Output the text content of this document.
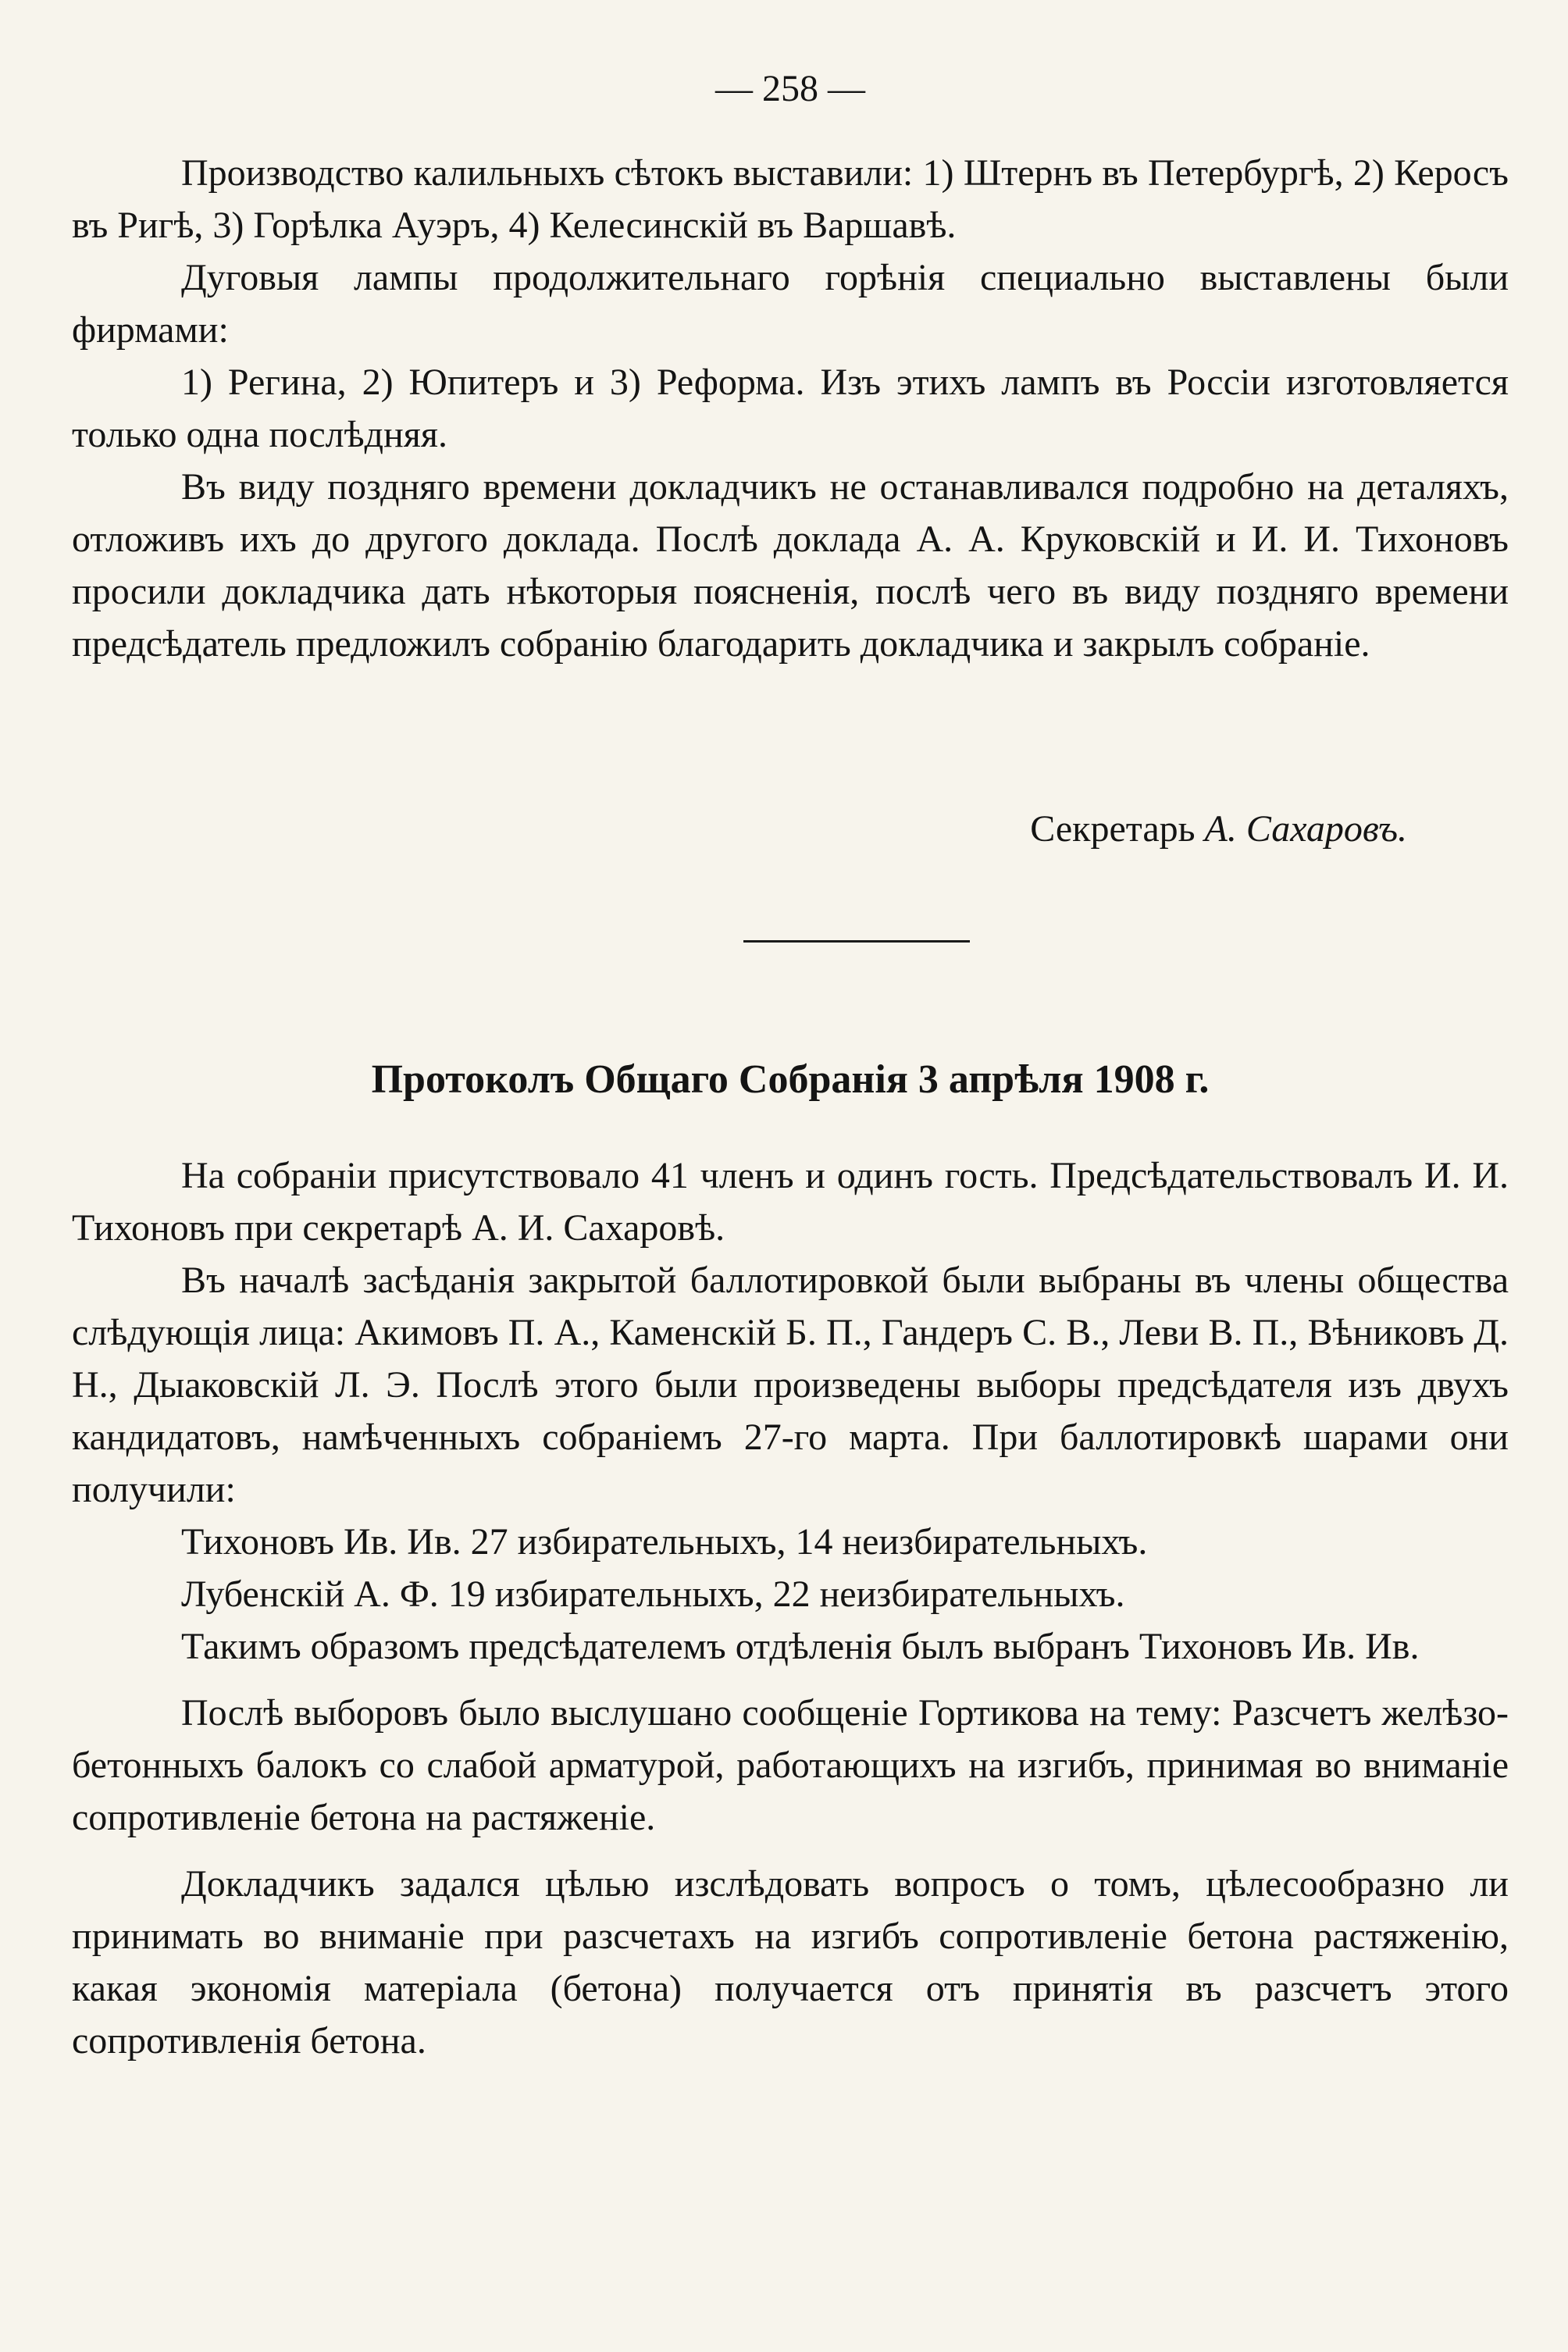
— 258 —

Производство калильныхъ сѣтокъ выставили: 1) Штернъ въ Петербургѣ, 2) Керосъ въ Ригѣ, 3) Горѣлка Ауэръ, 4) Келесинскій въ Варшавѣ.

Дуговыя лампы продолжительнаго горѣнія специально выставлены были фирмами:

1) Регина, 2) Юпитеръ и 3) Реформа. Изъ этихъ лампъ въ Россіи изготовляется только одна послѣдняя.

Въ виду поздняго времени докладчикъ не останавливался подробно на деталяхъ, отложивъ ихъ до другого доклада. Послѣ доклада А. А. Круковскій и И. И. Тихоновъ просили докладчика дать нѣкоторыя поясненія, послѣ чего въ виду поздняго времени предсѣдатель предложилъ собранію благодарить докладчика и закрылъ собраніе.

Секретарь А. Сахаровъ.
Протоколъ Общаго Собранія 3 апрѣля 1908 г.

На собраніи присутствовало 41 членъ и одинъ гость. Предсѣдательствовалъ И. И. Тихоновъ при секретарѣ А. И. Сахаровѣ.

Въ началѣ засѣданія закрытой баллотировкой были выбраны въ члены общества слѣдующія лица: Акимовъ П. А., Каменскій Б. П., Гандеръ С. В., Леви В. П., Вѣниковъ Д. Н., Дыаковскій Л. Э. Послѣ этого были произведены выборы предсѣдателя изъ двухъ кандидатовъ, намѣченныхъ собраніемъ 27-го марта. При баллотировкѣ шарами они получили:

Тихоновъ Ив. Ив. 27 избирательныхъ, 14 неизбирательныхъ.

Лубенскій А. Ф. 19 избирательныхъ, 22 неизбирательныхъ.

Такимъ образомъ предсѣдателемъ отдѣленія былъ выбранъ Тихоновъ Ив. Ив.

Послѣ выборовъ было выслушано сообщеніе Гортикова на тему: Разсчетъ желѣзо-бетонныхъ балокъ со слабой арматурой, работающихъ на изгибъ, принимая во вниманіе сопротивленіе бетона на растяженіе.

Докладчикъ задался цѣлью изслѣдовать вопросъ о томъ, цѣлесообразно ли принимать во вниманіе при разсчетахъ на изгибъ сопротивленіе бетона растяженію, какая экономія матеріала (бетона) получается отъ принятія въ разсчетъ этого сопротивленія бетона.
